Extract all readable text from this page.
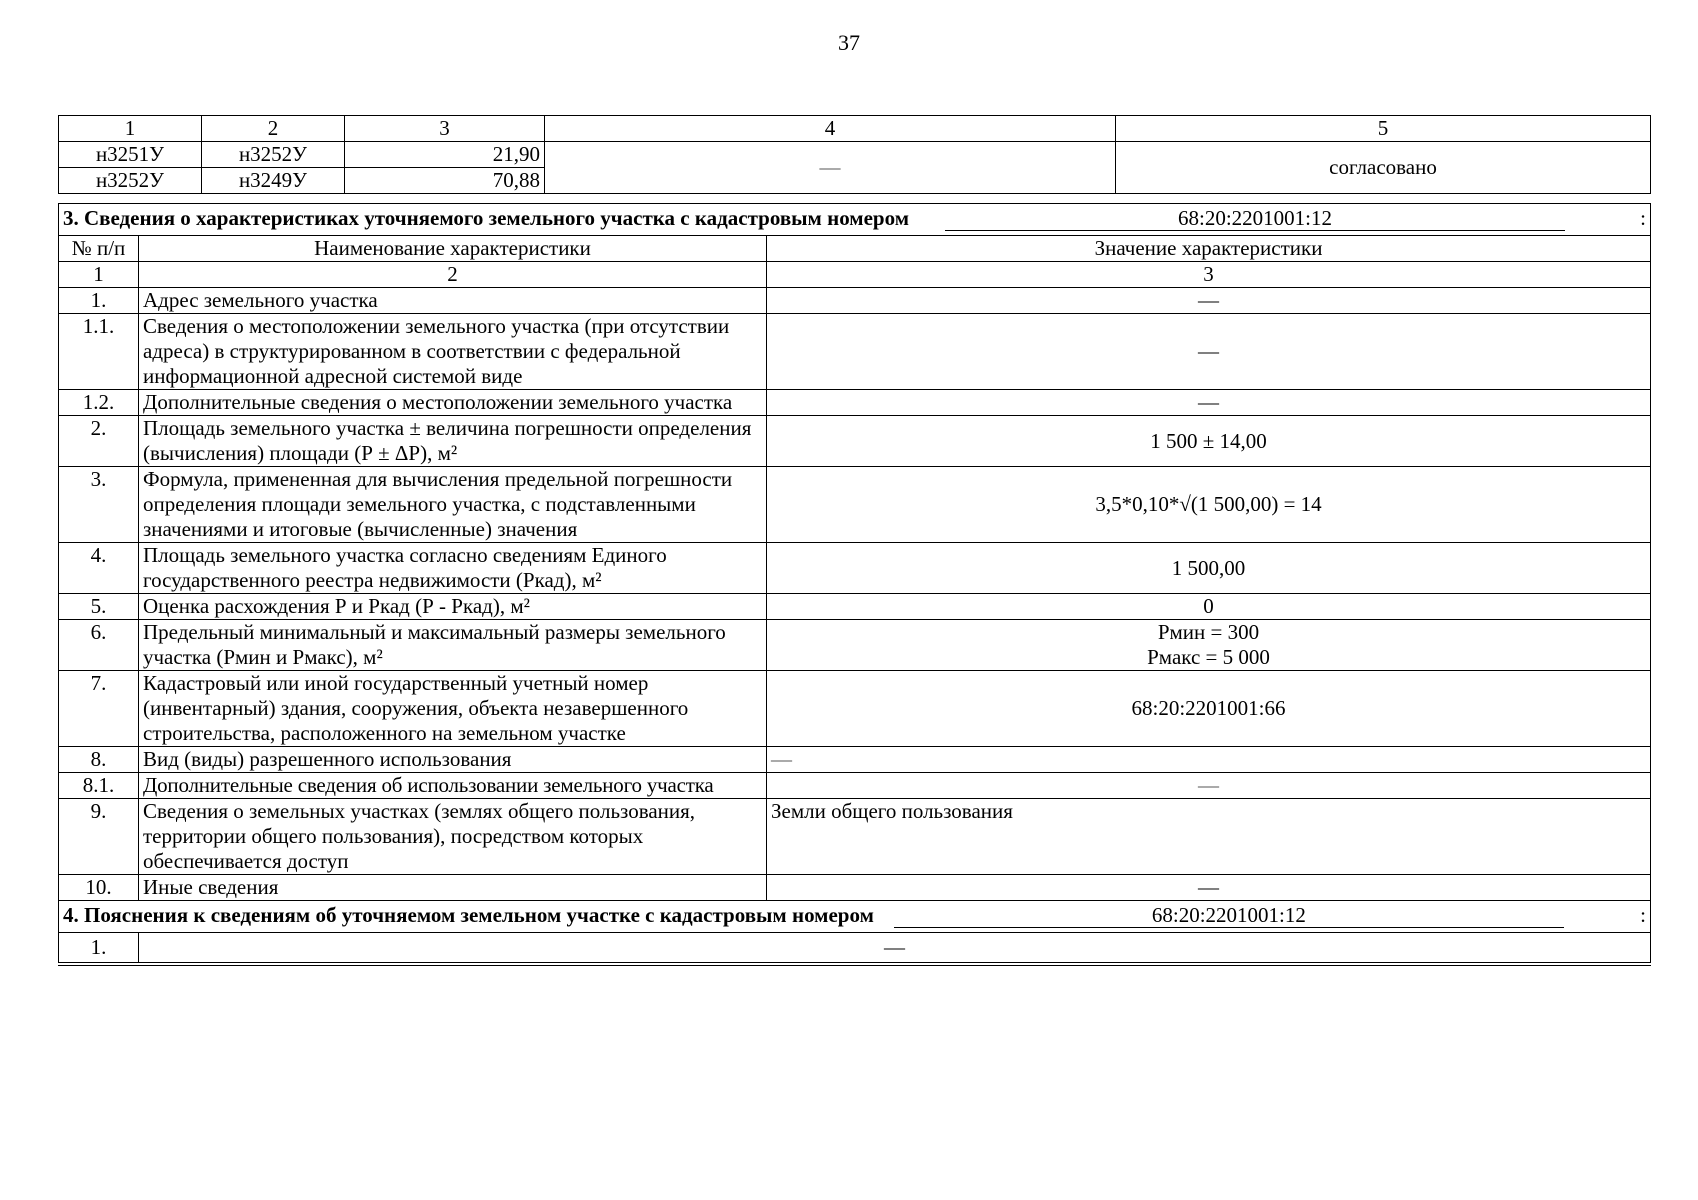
37
1	2	3	4	5
н3251У	н3252У	21,90	—	согласовано
н3252У	н3249У	70,88		
3. Сведения о характеристиках уточняемого земельного участка с кадастровым номером 68:20:2201001:12 :		

№ п/п	Наименование характеристики	Значение характеристики
1	2	3
1.	Адрес земельного участка	—
1.1.	Сведения о местоположении земельного участка (при отсутствии адреса) в структурированном в соответствии с федеральной информационной адресной системой виде	—
1.2.	Дополнительные сведения о местоположении земельного участка	—
2.	Площадь земельного участка ± величина погрешности определения (вычисления) площади (Р ± ΔР), м²	1 500 ± 14,00
3.	Формула, примененная для вычисления предельной погрешности определения площади земельного участка, с подставленными значениями и итоговые (вычисленные) значения	3,5*0,10*√(1 500,00) = 14
4.	Площадь земельного участка согласно сведениям Единого государственного реестра недвижимости (Ркад), м²	1 500,00
5.	Оценка расхождения Р и Ркад (Р - Ркад), м²	0
6.	Предельный минимальный и максимальный размеры земельного участка (Рмин и Рмакс), м²	Рмин = 300
Рмакс = 5 000

7.	Кадастровый или иной государственный учетный номер (инвентарный) здания, сооружения, объекта незавершенного строительства, расположенного на земельном участке	68:20:2201001:66
8.	Вид (виды) разрешенного использования	—
8.1.	Дополнительные сведения об использовании земельного участка	—
9.	Сведения о земельных участках (землях общего пользования, территории общего пользования), посредством которых обеспечивается доступ	Земли общего пользования
10.	Иные сведения	—

4. Пояснения к сведениям об уточняемом земельном участке с кадастровым номером 68:20:2201001:12 :		

1.	—	
